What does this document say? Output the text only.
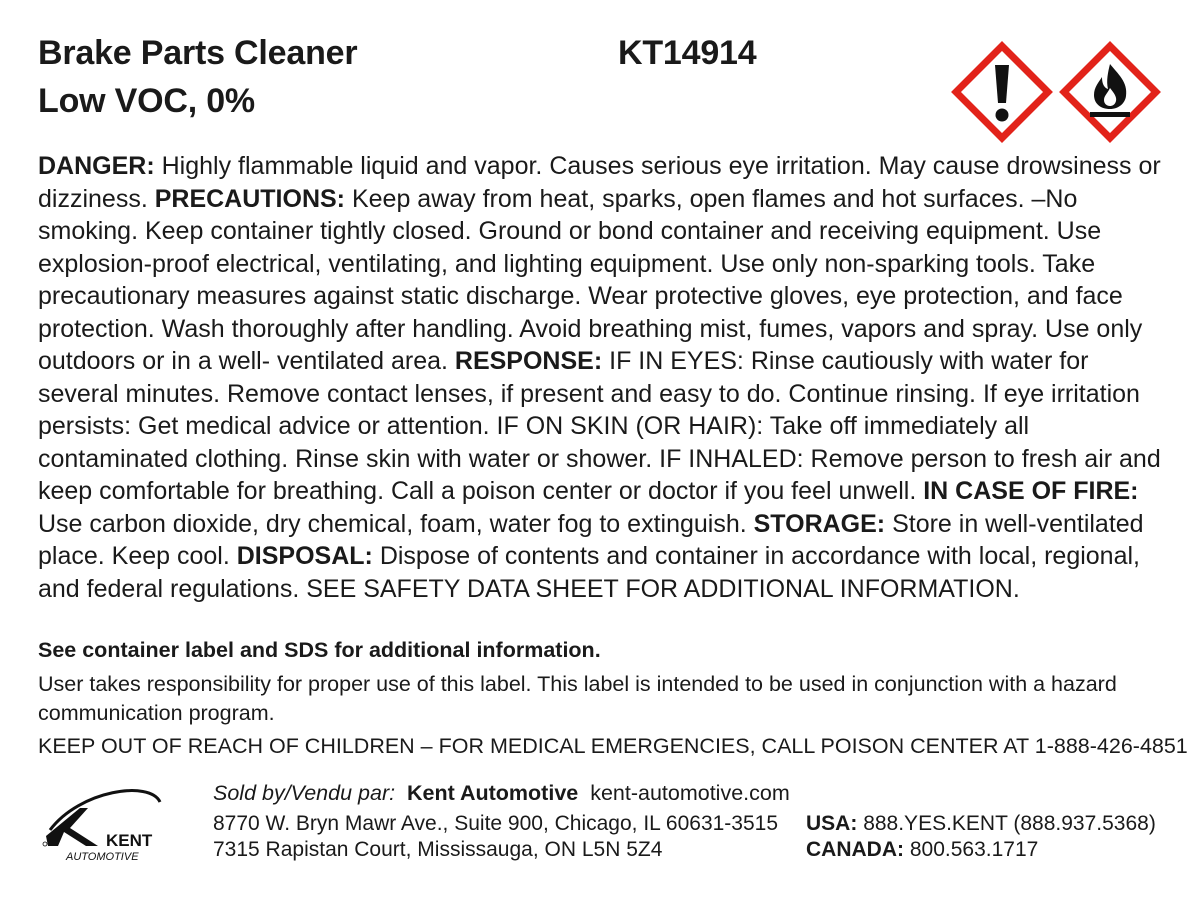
Brake Parts Cleaner
Low VOC, 0%
KT14914
DANGER: Highly flammable liquid and vapor. Causes serious eye irritation. May cause drowsiness or dizziness. PRECAUTIONS: Keep away from heat, sparks, open flames and hot surfaces. –No smoking. Keep container tightly closed. Ground or bond container and receiving equipment. Use explosion-proof electrical, ventilating, and lighting equipment. Use only non-sparking tools. Take precautionary measures against static discharge. Wear protective gloves, eye protection, and face protection. Wash thoroughly after handling. Avoid breathing mist, fumes, vapors and spray. Use only outdoors or in a well- ventilated area. RESPONSE: IF IN EYES: Rinse cautiously with water for several minutes. Remove contact lenses, if present and easy to do. Continue rinsing. If eye irritation persists: Get medical advice or attention. IF ON SKIN (OR HAIR): Take off immediately all contaminated clothing. Rinse skin with water or shower. IF INHALED: Remove person to fresh air and keep comfortable for breathing. Call a poison center or doctor if you feel unwell. IN CASE OF FIRE: Use carbon dioxide, dry chemical, foam, water fog to extinguish. STORAGE: Store in well-ventilated place. Keep cool. DISPOSAL: Dispose of contents and container in accordance with local, regional, and federal regulations. SEE SAFETY DATA SHEET FOR ADDITIONAL INFORMATION.
See container label and SDS for additional information.
User takes responsibility for proper use of this label. This label is intended to be used in conjunction with a hazard communication program.
KEEP OUT OF REACH OF CHILDREN – FOR MEDICAL EMERGENCIES, CALL POISON CENTER AT 1-888-426-4851
KENT
AUTOMOTIVE
Sold by/Vendu par: Kent Automotive kent-automotive.com
8770 W. Bryn Mawr Ave., Suite 900, Chicago, IL 60631-3515
7315 Rapistan Court, Mississauga, ON L5N 5Z4
USA: 888.YES.KENT (888.937.5368)
CANADA: 800.563.1717
